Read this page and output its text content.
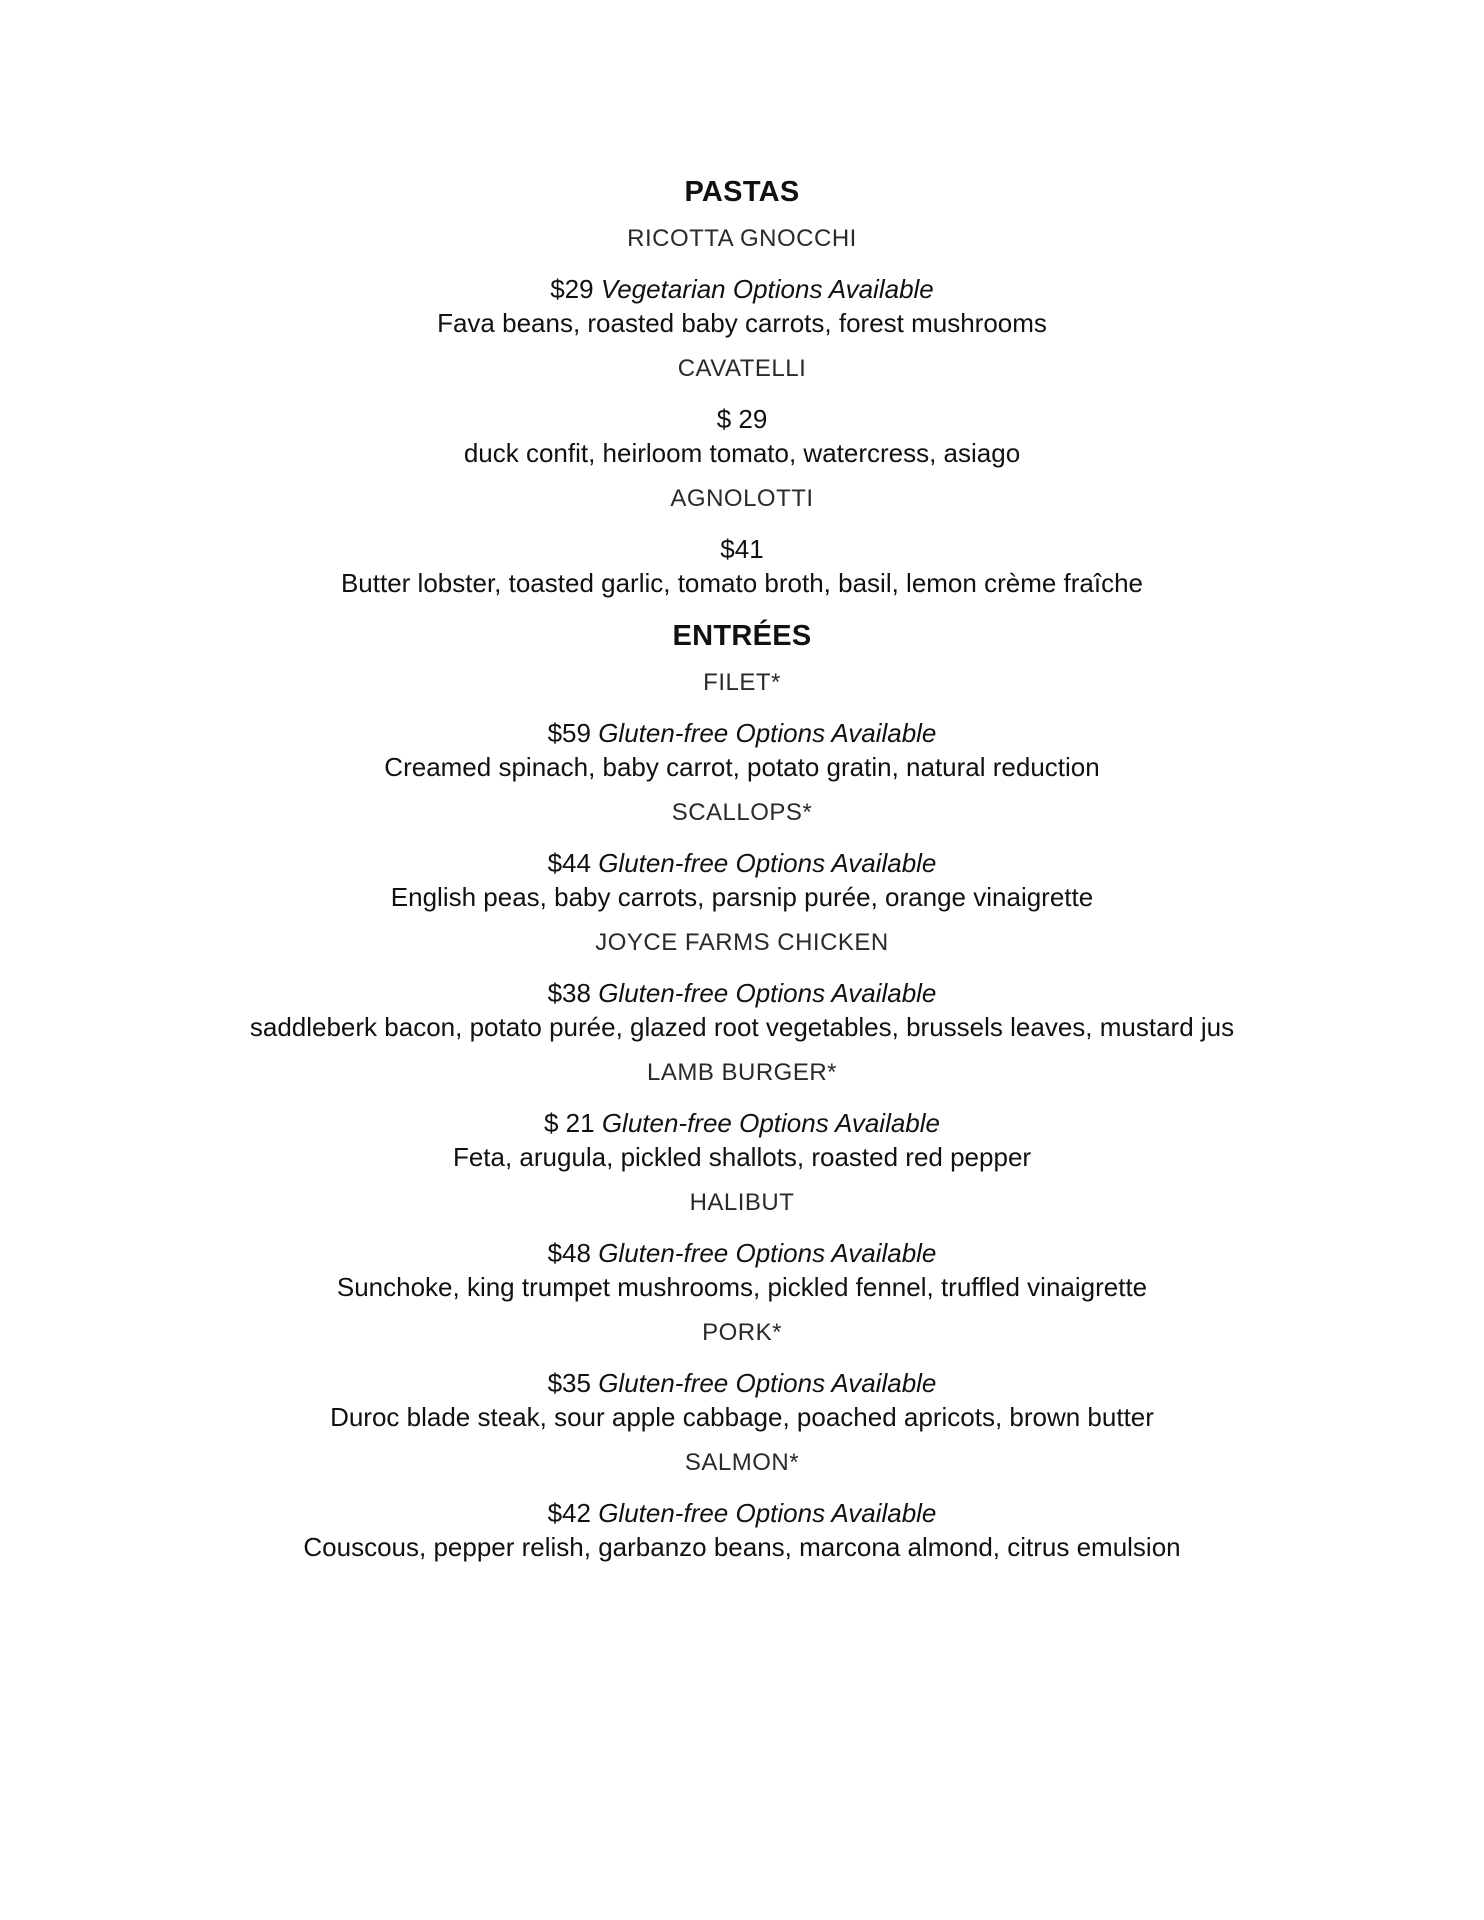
PASTAS
RICOTTA GNOCCHI
$29 Vegetarian Options Available
Fava beans, roasted baby carrots, forest mushrooms
CAVATELLI
$ 29
duck confit, heirloom tomato, watercress, asiago
AGNOLOTTI
$41
Butter lobster, toasted garlic, tomato broth, basil, lemon crème fraîche
ENTRÉES
FILET*
$59 Gluten-free Options Available
Creamed spinach, baby carrot, potato gratin, natural reduction
SCALLOPS*
$44 Gluten-free Options Available
English peas, baby carrots, parsnip purée, orange vinaigrette
JOYCE FARMS CHICKEN
$38 Gluten-free Options Available
saddleberk bacon, potato purée, glazed root vegetables, brussels leaves, mustard jus
LAMB BURGER*
$ 21 Gluten-free Options Available
Feta, arugula, pickled shallots, roasted red pepper
HALIBUT
$48 Gluten-free Options Available
Sunchoke, king trumpet mushrooms, pickled fennel, truffled vinaigrette
PORK*
$35 Gluten-free Options Available
Duroc blade steak, sour apple cabbage, poached apricots, brown butter
SALMON*
$42 Gluten-free Options Available
Couscous, pepper relish, garbanzo beans, marcona almond, citrus emulsion
